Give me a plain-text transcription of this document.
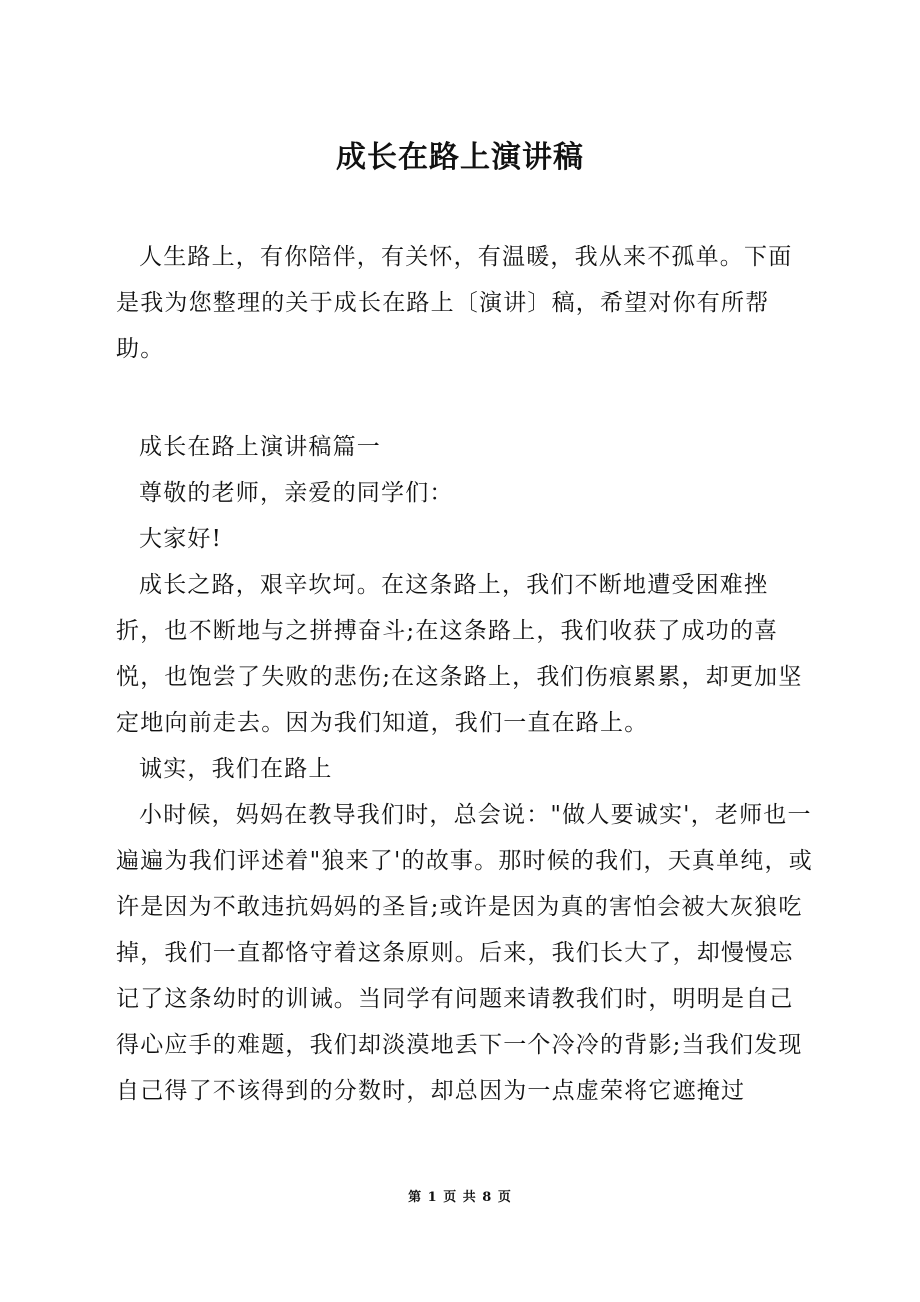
成长在路上演讲稿

人生路上，有你陪伴，有关怀，有温暖，我从来不孤单。下面是我为您整理的关于成长在路上〔演讲〕稿，希望对你有所帮助。

成长在路上演讲稿篇一

尊敬的老师，亲爱的同学们：

大家好!

成长之路，艰辛坎坷。在这条路上，我们不断地遭受困难挫折，也不断地与之拼搏奋斗;在这条路上，我们收获了成功的喜悦，也饱尝了失败的悲伤;在这条路上，我们伤痕累累，却更加坚定地向前走去。因为我们知道，我们一直在路上。

诚实，我们在路上

小时候，妈妈在教导我们时，总会说："做人要诚实'，老师也一遍遍为我们评述着"狼来了'的故事。那时候的我们，天真单纯，或许是因为不敢违抗妈妈的圣旨;或许是因为真的害怕会被大灰狼吃掉，我们一直都恪守着这条原则。后来，我们长大了，却慢慢忘记了这条幼时的训诫。当同学有问题来请教我们时，明明是自己得心应手的难题，我们却淡漠地丢下一个冷冷的背影;当我们发现自己得了不该得到的分数时，却总因为一点虚荣将它遮掩过

第 1 页 共 8 页
